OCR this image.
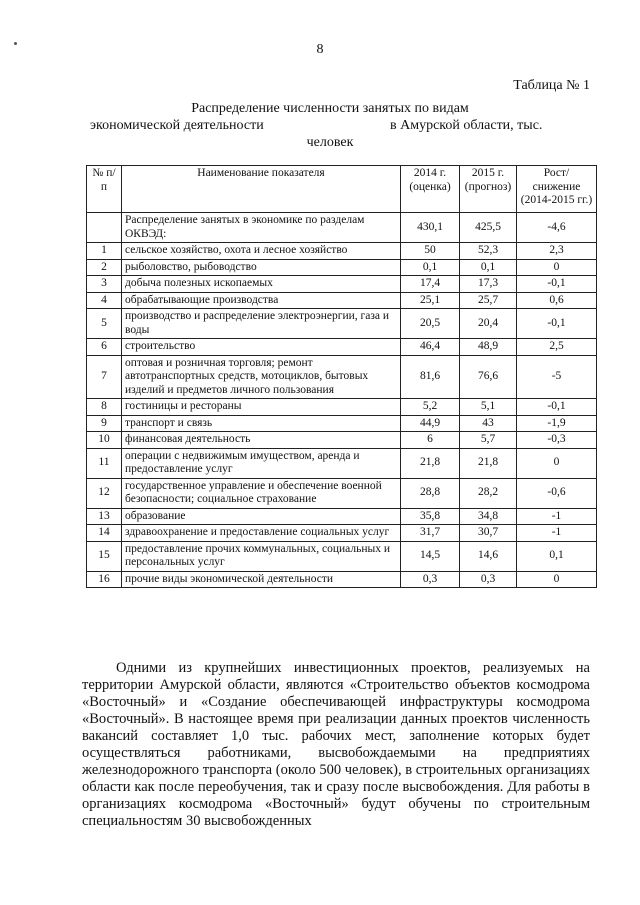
8
Таблица № 1
Распределение численности занятых по видам
экономической деятельности	в Амурской области, тыс.
человек
№ п/п	Наименование показателя	2014 г. (оценка)	2015 г. (прогноз)	Рост/снижение (2014-2015 гг.)
	Распределение занятых в экономике по разделам ОКВЭД:	430,1	425,5	-4,6
1	сельское хозяйство, охота и лесное хозяйство	50	52,3	2,3
2	рыболовство, рыбоводство	0,1	0,1	0
3	добыча полезных ископаемых	17,4	17,3	-0,1
4	обрабатывающие производства	25,1	25,7	0,6
5	производство и распределение электроэнергии, газа и воды	20,5	20,4	-0,1
6	строительство	46,4	48,9	2,5
7	оптовая и розничная торговля; ремонт автотранспортных средств, мотоциклов, бытовых изделий и предметов личного пользования	81,6	76,6	-5
8	гостиницы и рестораны	5,2	5,1	-0,1
9	транспорт и связь	44,9	43	-1,9
10	финансовая деятельность	6	5,7	-0,3
11	операции с недвижимым имуществом, аренда и предоставление услуг	21,8	21,8	0
12	государственное управление и обеспечение военной безопасности; социальное страхование	28,8	28,2	-0,6
13	образование	35,8	34,8	-1
14	здравоохранение и предоставление социальных услуг	31,7	30,7	-1
15	предоставление прочих коммунальных, социальных и персональных услуг	14,5	14,6	0,1
16	прочие виды экономической деятельности	0,3	0,3	0

Одними из крупнейших инвестиционных проектов, реализуемых на территории Амурской области, являются «Строительство объектов космодрома «Восточный» и «Создание обеспечивающей инфраструктуры космодрома «Восточный». В настоящее время при реализации данных проектов численность вакансий составляет 1,0 тыс. рабочих мест, заполнение которых будет осуществляться работниками, высвобождаемыми на предприятиях железнодорожного транспорта (около 500 человек), в строительных организациях области как после переобучения, так и сразу после высвобождения. Для работы в организациях космодрома «Восточный» будут обучены по строительным специальностям 30 высвобожденных
